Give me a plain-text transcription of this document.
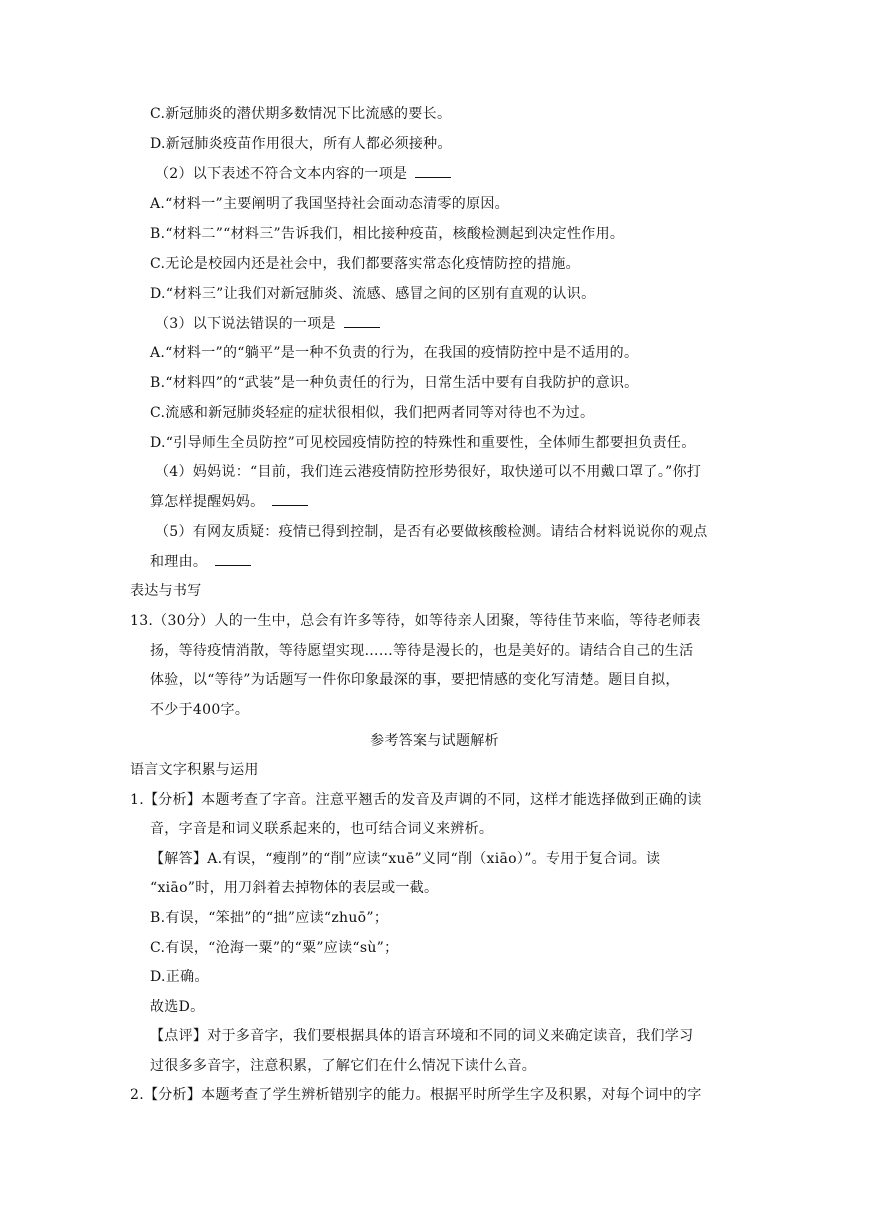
C.新冠肺炎的潜伏期多数情况下比流感的要长。
D.新冠肺炎疫苗作用很大，所有人都必须接种。
（2）以下表述不符合文本内容的一项是
A.“材料一”主要阐明了我国坚持社会面动态清零的原因。
B.“材料二”“材料三”告诉我们，相比接种疫苗，核酸检测起到决定性作用。
C.无论是校园内还是社会中，我们都要落实常态化疫情防控的措施。
D.“材料三”让我们对新冠肺炎、流感、感冒之间的区别有直观的认识。
（3）以下说法错误的一项是
A.“材料一”的“躺平”是一种不负责的行为，在我国的疫情防控中是不适用的。
B.“材料四”的“武装”是一种负责任的行为，日常生活中要有自我防护的意识。
C.流感和新冠肺炎轻症的症状很相似，我们把两者同等对待也不为过。
D.“引导师生全员防控”可见校园疫情防控的特殊性和重要性，全体师生都要担负责任。
（4）妈妈说：“目前，我们连云港疫情防控形势很好，取快递可以不用戴口罩了。”你打
算怎样提醒妈妈。
（5）有网友质疑：疫情已得到控制，是否有必要做核酸检测。请结合材料说说你的观点
和理由。
表达与书写
13.（30分）人的一生中，总会有许多等待，如等待亲人团聚，等待佳节来临，等待老师表
扬，等待疫情消散，等待愿望实现……等待是漫长的，也是美好的。请结合自己的生活
体验，以“等待”为话题写一件你印象最深的事，要把情感的变化写清楚。题目自拟，
不少于400字。
参考答案与试题解析
语言文字积累与运用
1.【分析】本题考查了字音。注意平翘舌的发音及声调的不同，这样才能选择做到正确的读
音，字音是和词义联系起来的，也可结合词义来辨析。
【解答】A.有误，“瘦削”的“削”应读“xuē”义同“削（xiāo）”。专用于复合词。读
“xiāo”时，用刀斜着去掉物体的表层或一截。
B.有误，“笨拙”的“拙”应读“zhuō”；
C.有误，“沧海一粟”的“粟”应读“sù”；
D.正确。
故选D。
【点评】对于多音字，我们要根据具体的语言环境和不同的词义来确定读音，我们学习
过很多多音字，注意积累，了解它们在什么情况下读什么音。
2.【分析】本题考查了学生辨析错别字的能力。根据平时所学生字及积累，对每个词中的字
